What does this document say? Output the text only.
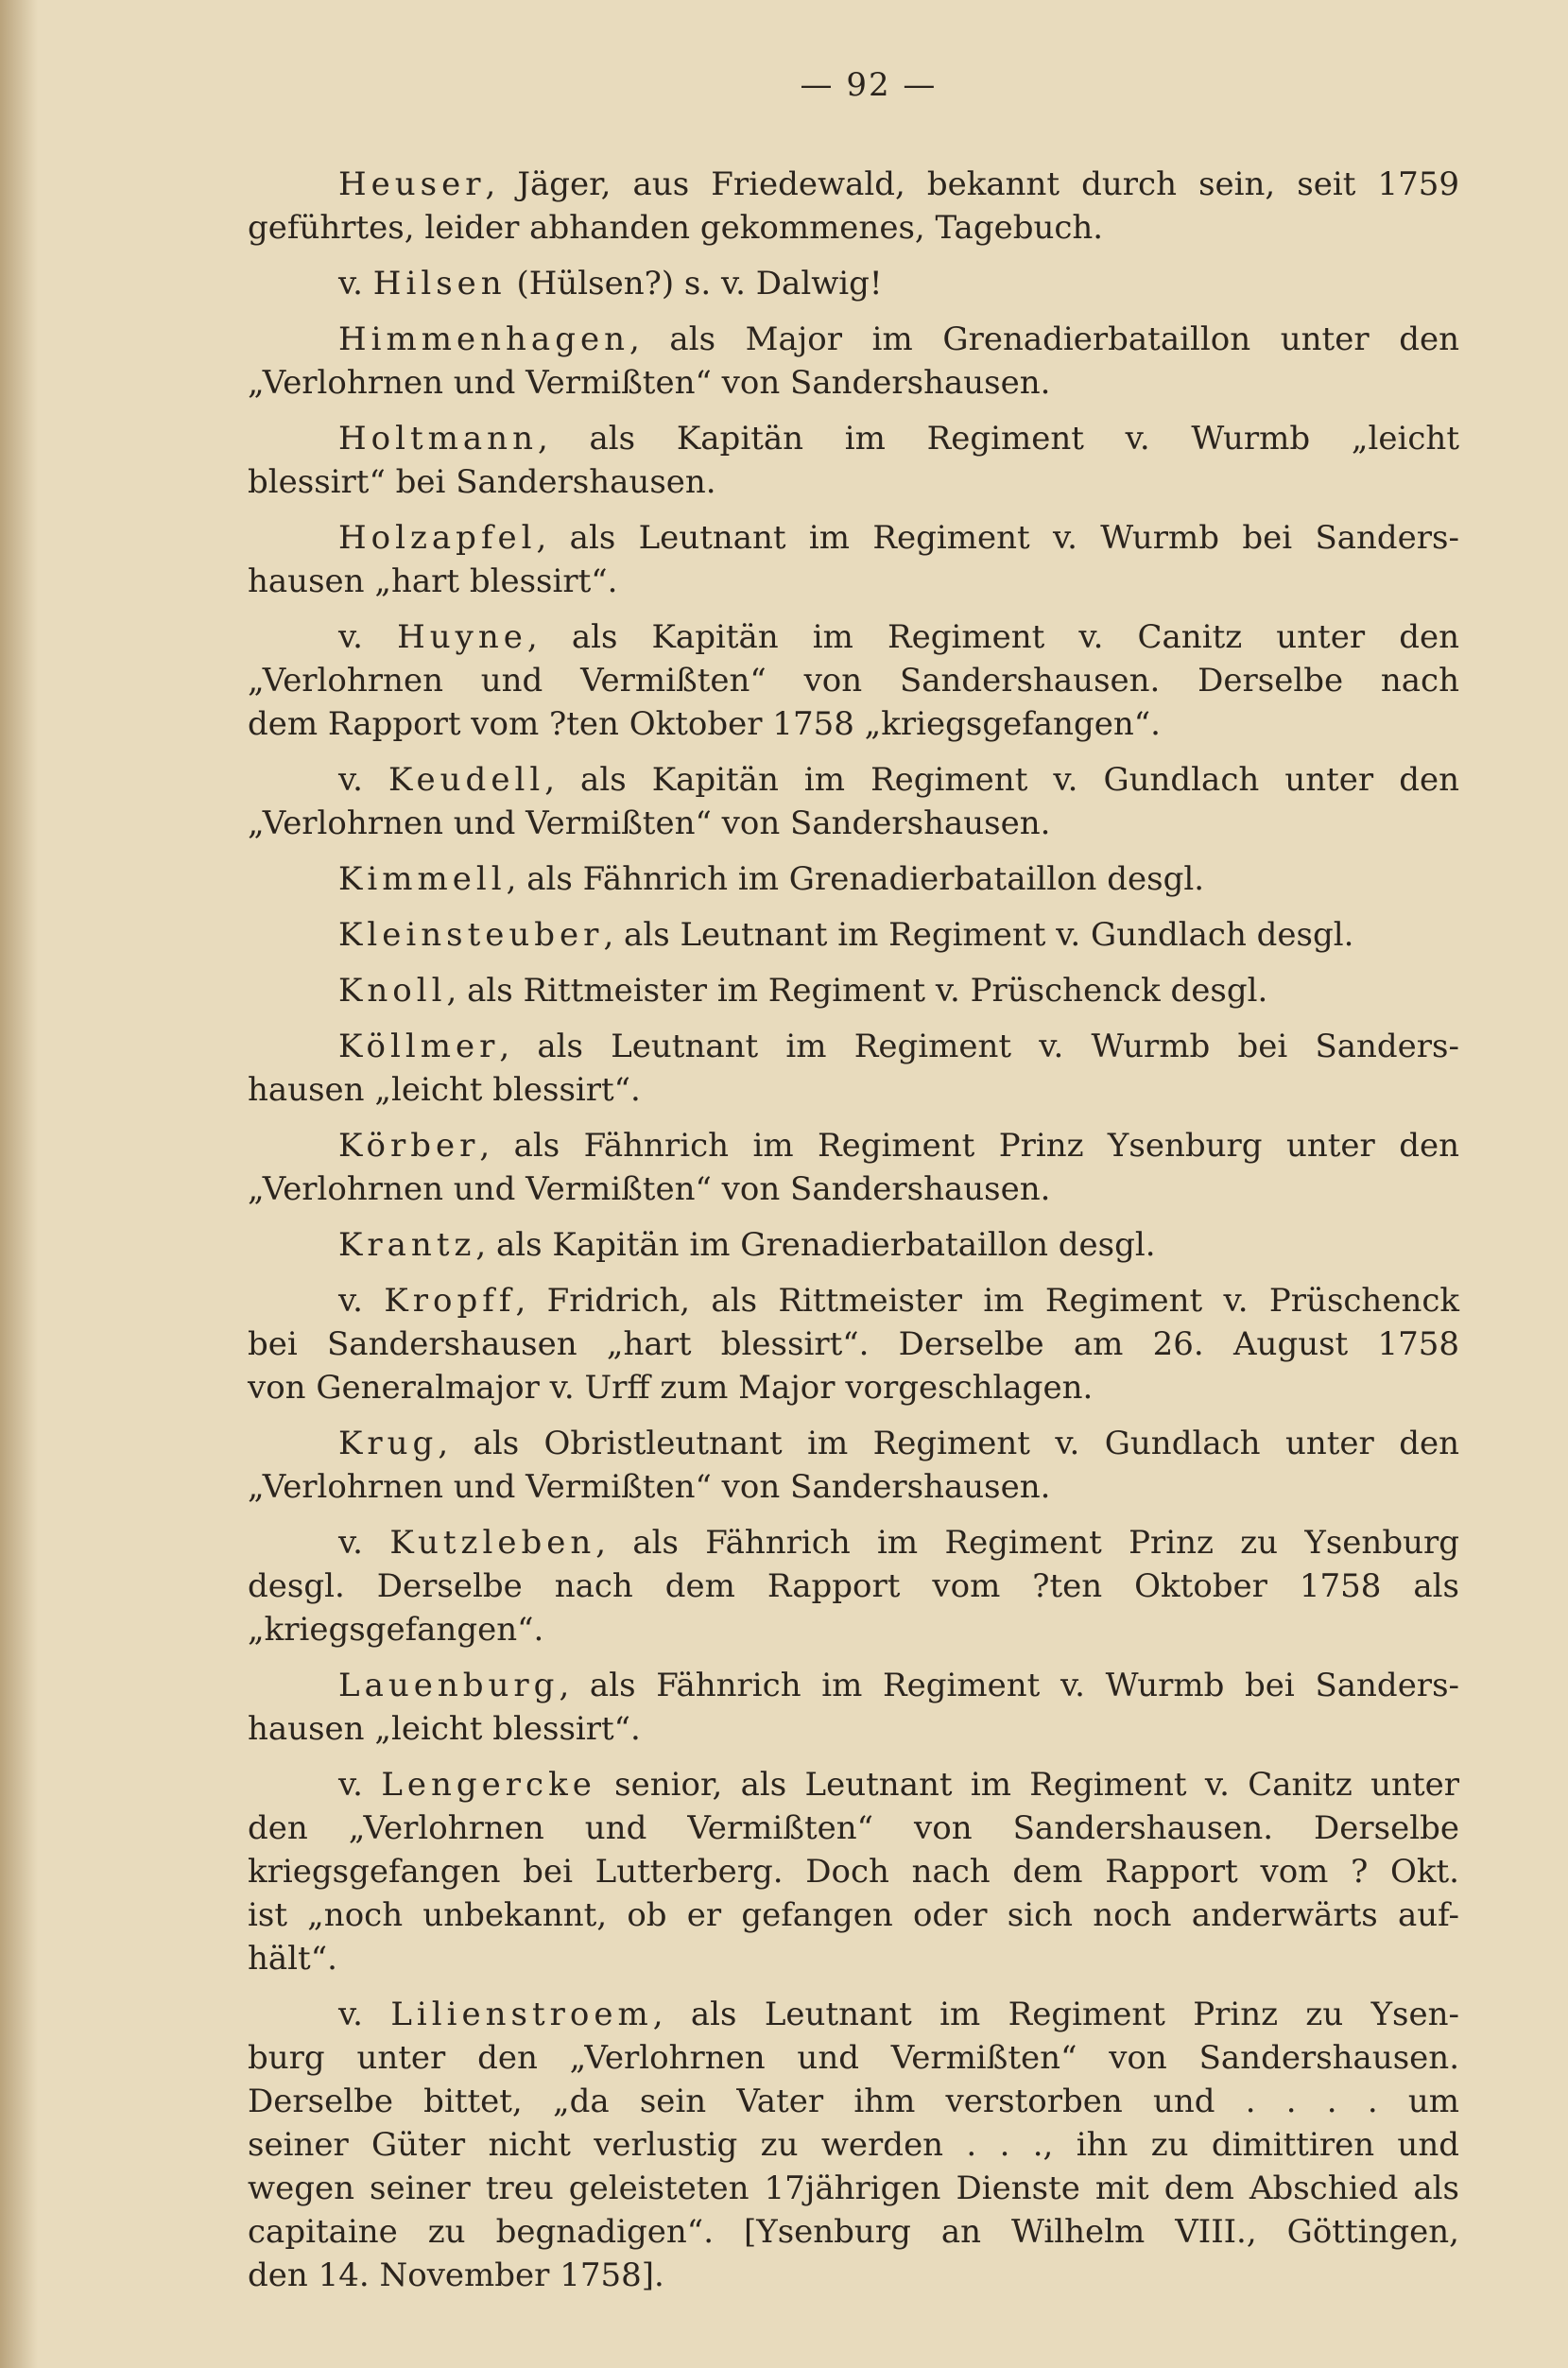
— 92 —
Heuser, Jäger, aus Friedewald, bekannt durch sein, seit 1759
geführtes, leider abhanden gekommenes, Tagebuch.
v. Hilsen (Hülsen?) s. v. Dalwig!
Himmenhagen, als Major im Grenadierbataillon unter den
„Verlohrnen und Vermißten“ von Sandershausen.
Holtmann, als Kapitän im Regiment v. Wurmb „leicht
blessirt“ bei Sandershausen.
Holzapfel, als Leutnant im Regiment v. Wurmb bei Sanders-
hausen „hart blessirt“.
v. Huyne, als Kapitän im Regiment v. Canitz unter den
„Verlohrnen und Vermißten“ von Sandershausen. Derselbe nach
dem Rapport vom ?ten Oktober 1758 „kriegsgefangen“.
v. Keudell, als Kapitän im Regiment v. Gundlach unter den
„Verlohrnen und Vermißten“ von Sandershausen.
Kimmell, als Fähnrich im Grenadierbataillon desgl.
Kleinsteuber, als Leutnant im Regiment v. Gundlach desgl.
Knoll, als Rittmeister im Regiment v. Prüschenck desgl.
Köllmer, als Leutnant im Regiment v. Wurmb bei Sanders-
hausen „leicht blessirt“.
Körber, als Fähnrich im Regiment Prinz Ysenburg unter den
„Verlohrnen und Vermißten“ von Sandershausen.
Krantz, als Kapitän im Grenadierbataillon desgl.
v. Kropff, Fridrich, als Rittmeister im Regiment v. Prüschenck
bei Sandershausen „hart blessirt“. Derselbe am 26. August 1758
von Generalmajor v. Urff zum Major vorgeschlagen.
Krug, als Obristleutnant im Regiment v. Gundlach unter den
„Verlohrnen und Vermißten“ von Sandershausen.
v. Kutzleben, als Fähnrich im Regiment Prinz zu Ysenburg
desgl. Derselbe nach dem Rapport vom ?ten Oktober 1758 als
„kriegsgefangen“.
Lauenburg, als Fähnrich im Regiment v. Wurmb bei Sanders-
hausen „leicht blessirt“.
v. Lengercke senior, als Leutnant im Regiment v. Canitz unter
den „Verlohrnen und Vermißten“ von Sandershausen. Derselbe
kriegsgefangen bei Lutterberg. Doch nach dem Rapport vom ? Okt.
ist „noch unbekannt, ob er gefangen oder sich noch anderwärts auf-
hält“.
v. Lilienstroem, als Leutnant im Regiment Prinz zu Ysen-
burg unter den „Verlohrnen und Vermißten“ von Sandershausen.
Derselbe bittet, „da sein Vater ihm verstorben und . . . . um
seiner Güter nicht verlustig zu werden . . ., ihn zu dimittiren und
wegen seiner treu geleisteten 17jährigen Dienste mit dem Abschied als
capitaine zu begnadigen“. [Ysenburg an Wilhelm VIII., Göttingen,
den 14. November 1758].
